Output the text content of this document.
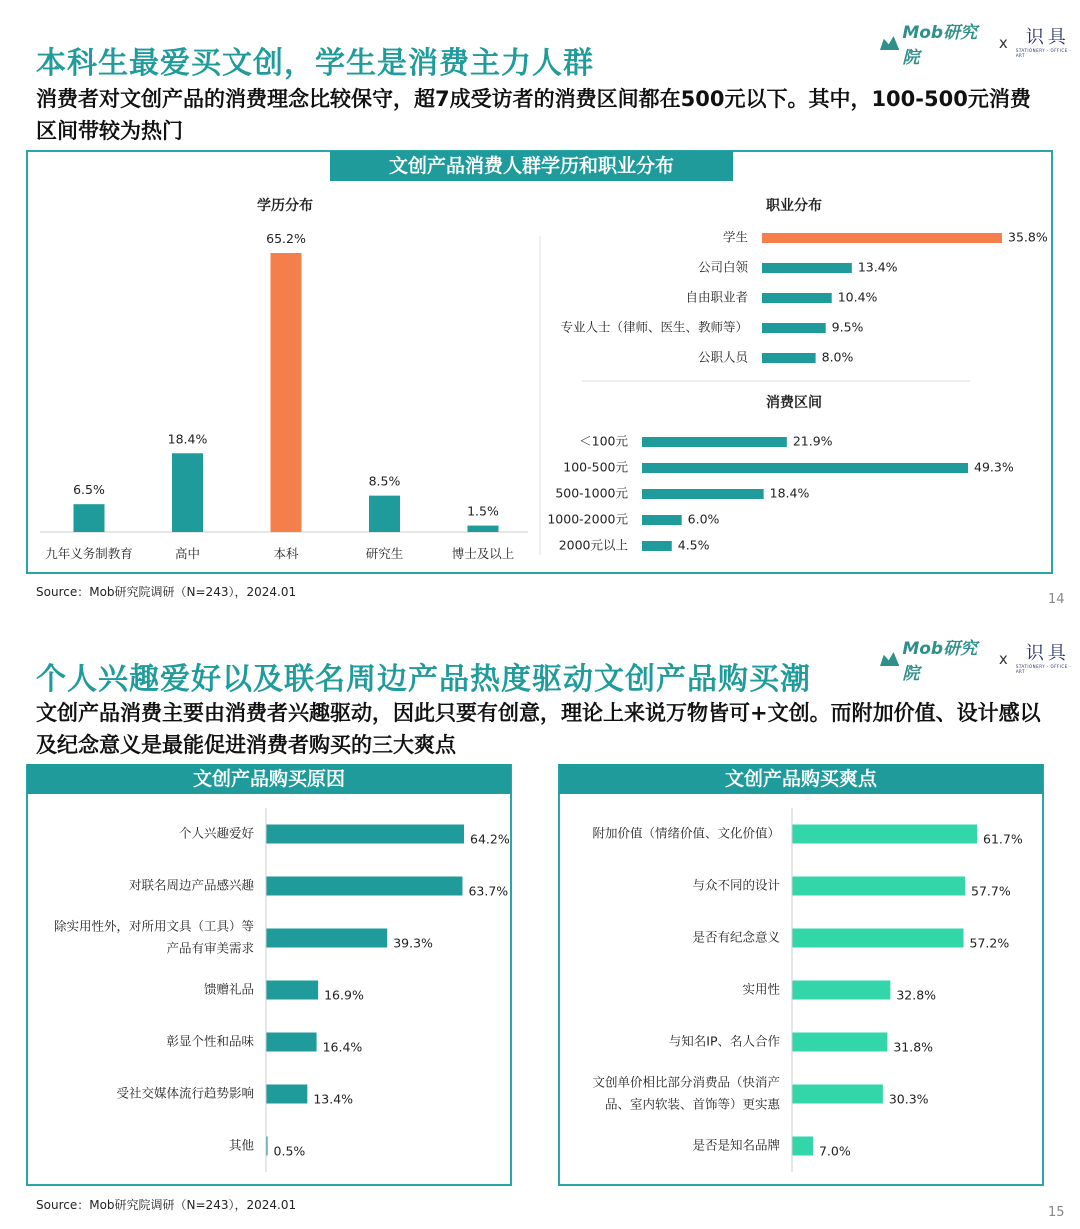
本科生最爱买文创，学生是消费主力人群
消费者对文创产品的消费理念比较保守，超7成受访者的消费区间都在500元以下。其中，100-500元消费区间带较为热门
Mob研究院
x 识具
STATIONERY · OFFICE · ART
文创产品消费人群学历和职业分布
学历分布
6.5%
九年义务制教育
18.4%
高中
65.2%
本科
8.5%
研究生
1.5%
博士及以上
职业分布
35.8%
学生
13.4%
公司白领
10.4%
自由职业者
9.5%
专业人士（律师、医生、教师等）
8.0%
公职人员
消费区间
21.9%
＜100元
49.3%
100-500元
18.4%
500-1000元
6.0%
1000-2000元
4.5%
2000元以上
64.2%
个人兴趣爱好
63.7%
对联名周边产品感兴趣
39.3%
除实用性外，对所用文具（工具）等
产品有审美需求
16.9%
馈赠礼品
16.4%
彰显个性和品味
13.4%
受社交媒体流行趋势影响
0.5%
其他
61.7%
附加价值（情绪价值、文化价值）
57.7%
与众不同的设计
57.2%
是否有纪念意义
32.8%
实用性
31.8%
与知名IP、名人合作
30.3%
文创单价相比部分消费品（快消产
品、室内软装、首饰等）更实惠
7.0%
是否是知名品牌
Source：Mob研究院调研（N=243），2024.01	14
Mob研究院
x 识具
STATIONERY · OFFICE · ART
个人兴趣爱好以及联名周边产品热度驱动文创产品购买潮
文创产品消费主要由消费者兴趣驱动，因此只要有创意，理论上来说万物皆可+文创。而附加价值、设计感以及纪念意义是最能促进消费者购买的三大爽点
文创产品购买原因	文创产品购买爽点
Source：Mob研究院调研（N=243），2024.01	15
